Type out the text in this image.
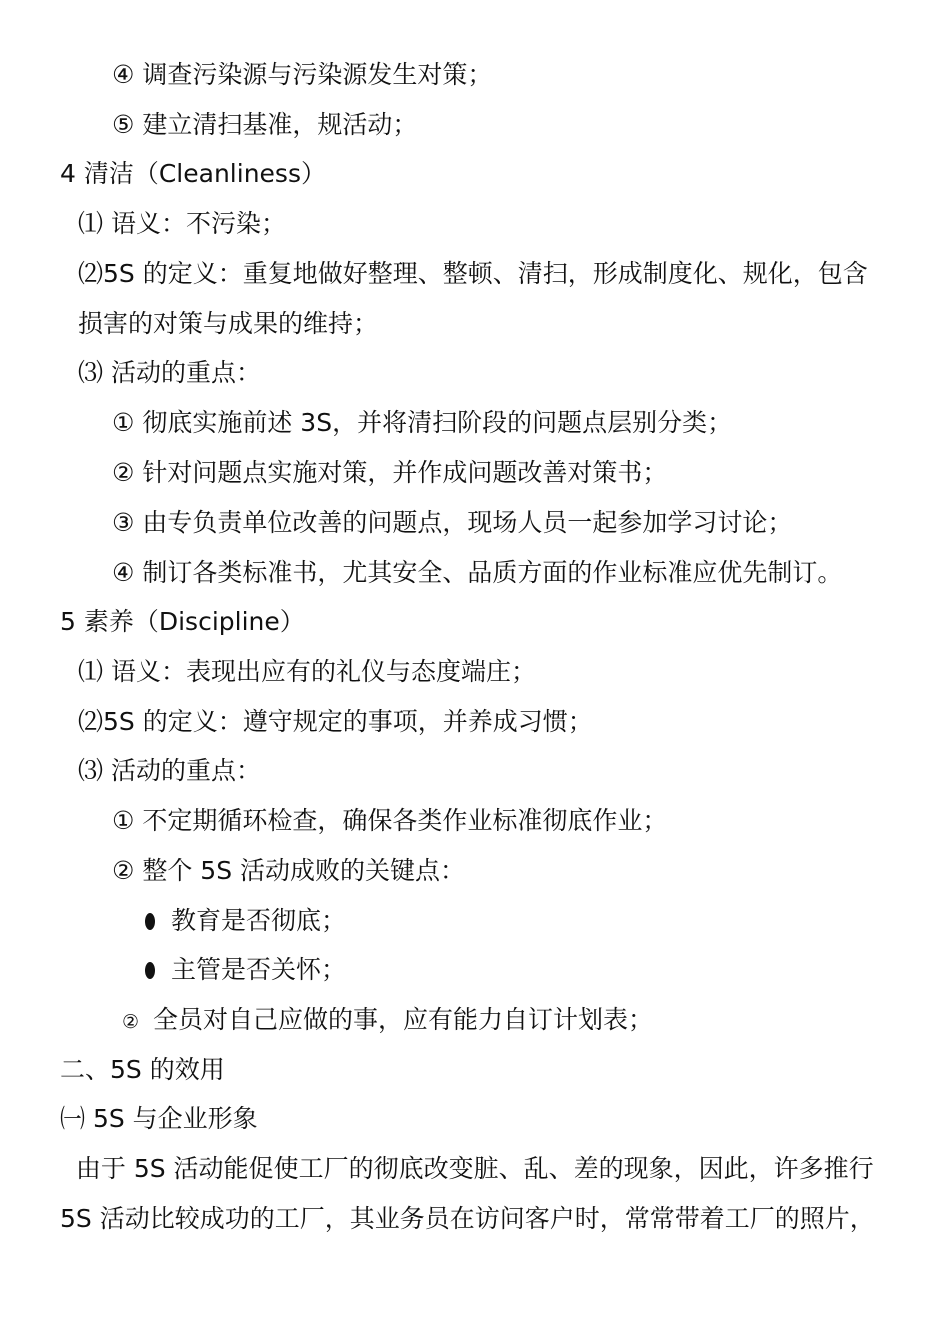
④ 调查污染源与污染源发生对策；
⑤ 建立清扫基准，规活动；
4 清洁（Cleanliness）
⑴ 语义：不污染；
⑵5S 的定义：重复地做好整理、整顿、清扫，形成制度化、规化，包含
损害的对策与成果的维持；
⑶ 活动的重点：
① 彻底实施前述 3S，并将清扫阶段的问题点层别分类；
② 针对问题点实施对策，并作成问题改善对策书；
③ 由专负责单位改善的问题点，现场人员一起参加学习讨论；
④ 制订各类标准书，尤其安全、品质方面的作业标准应优先制订。
5 素养（Discipline）
⑴ 语义：表现出应有的礼仪与态度端庄；
⑵5S 的定义：遵守规定的事项，并养成习惯；
⑶ 活动的重点：
① 不定期循环检查，确保各类作业标准彻底作业；
② 整个 5S 活动成败的关键点：
教育是否彻底；
主管是否关怀；
② 全员对自己应做的事，应有能力自订计划表；
二、5S 的效用
㈠ 5S 与企业形象
由于 5S 活动能促使工厂的彻底改变脏、乱、差的现象，因此，许多推行
5S 活动比较成功的工厂，其业务员在访问客户时，常常带着工厂的照片，
